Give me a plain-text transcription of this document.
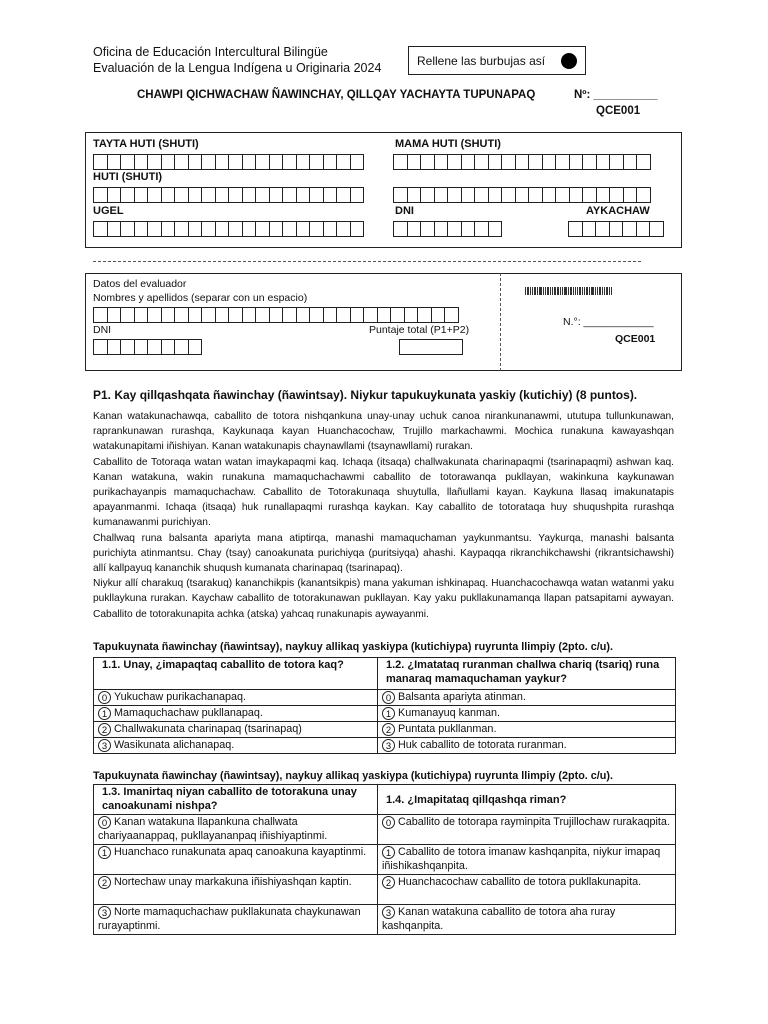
Oficina de Educación Intercultural Bilingüe
Evaluación de la Lengua Indígena u Originaria 2024
Rellene las burbujas así
CHAWPI QICHWACHAW ÑAWINCHAY, QILLQAY YACHAYTA TUPUNAPAQ	Nº: __________
QCE001
TAYTA HUTI (SHUTI)	MAMA HUTI (SHUTI)
HUTI (SHUTI)
UGEL	DNI	AYKACHAW
Datos del evaluador
Nombres y apellidos (separar con un espacio)
DNI	Puntaje total (P1+P2)
N.°: ____________
QCE001
P1. Kay qillqashqata ñawinchay (ñawintsay). Niykur tapukuykunata yaskiy (kutichiy) (8 puntos).

Kanan watakunachawqa, caballito de totora nishqankuna unay-unay uchuk canoa nirankunanawmi, ututupa tullunkunawan, raprankunawan rurashqa, Kaykunaqa kayan Huanchacochaw, Trujillo markachawmi. Mochica runakuna kawayashqan watakunapitami iñishiyan. Kanan watakunapis chaynawllami (tsaynawllami) rurakan.

Caballito de Totoraqa watan watan imaykapaqmi kaq. Ichaqa (itsaqa) challwakunata charinapaqmi (tsarinapaqmi) ashwan kaq. Kanan watakuna, wakin runakuna mamaquchachawmi caballito de totorawanqa pukllayan, wakinkuna kaykunawan purikachayanpis mamaquchachaw. Caballito de Totorakunaqa shuytulla, llañullami kayan. Kaykuna llasaq imakunatapis apayanmanmi. Ichaqa (itsaqa) huk runallapaqmi rurashqa kaykan. Kay caballito de totorataqa huy shuqushpita rurashqa kumanawanmi purichiyan.

Challwaq runa balsanta apariyta mana atiptirqa, manashi mamaquchaman yaykunmantsu. Yaykurqa, manashi balsanta purichiyta atinmantsu. Chay (tsay) canoakunata purichiyqa (puritsiyqa) ahashi. Kaypaqqa rikranchikchawshi (rikrantsichawshi) allí kallpayuq kananchik shuqush kumanata charinapaq (tsarinapaq).

Niykur allí charakuq (tsarakuq) kananchikpis (kanantsikpis) mana yakuman ishkinapaq. Huanchacochawqa watan watanmi yaku pukllaykuna rurakan. Kaychaw caballito de totorakunawan pukllayan. Kay yaku pukllakunamanqa llapan patsapitami aywayan. Caballito de totorakunapita achka (atska) yahcaq runakunapis aywayanmi.

Tapukuynata ñawinchay (ñawintsay), naykuy allikaq yaskiypa (kutichiypa) ruyrunta llimpiy (2pto. c/u).
1.1. Unay, ¿imapaqtaq caballito de totora kaq?	1.2. ¿Imatataq ruranman challwa chariq (tsariq) runa manaraq mamaquchaman yaykur?
0 Yukuchaw purikachanapaq.	0 Balsanta apariyta atinman.
1 Mamaquchachaw pukllanapaq.	1 Kumanayuq kanman.
2 Challwakunata charinapaq (tsarinapaq)	2 Puntata pukllanman.
3 Wasikunata alichanapaq.	3 Huk caballito de totorata ruranman.
Tapukuynata ñawinchay (ñawintsay), naykuy allikaq yaskiypa (kutichiypa) ruyrunta llimpiy (2pto. c/u).
1.3. Imanirtaq niyan caballito de totorakuna unay canoakunami nishpa?	1.4. ¿Imapitataq qillqashqa riman?
0 Kanan watakuna llapankuna challwata chariyaanappaq, pukllayananpaq iñishiyaptinmi.	0 Caballito de totorapa rayminpita Trujillochaw rurakaqpita.
1 Huanchaco runakunata apaq canoakuna kayaptinmi.	1 Caballito de totora imanaw kashqanpita, niykur imapaq iñishikashqanpita.
2 Nortechaw unay markakuna iñishiyashqan kaptin.	2 Huanchacochaw caballito de totora pukllakunapita.
3 Norte mamaquchachaw pukllakunata chaykunawan rurayaptinmi.	3 Kanan watakuna caballito de totora aha ruray kashqanpita.
